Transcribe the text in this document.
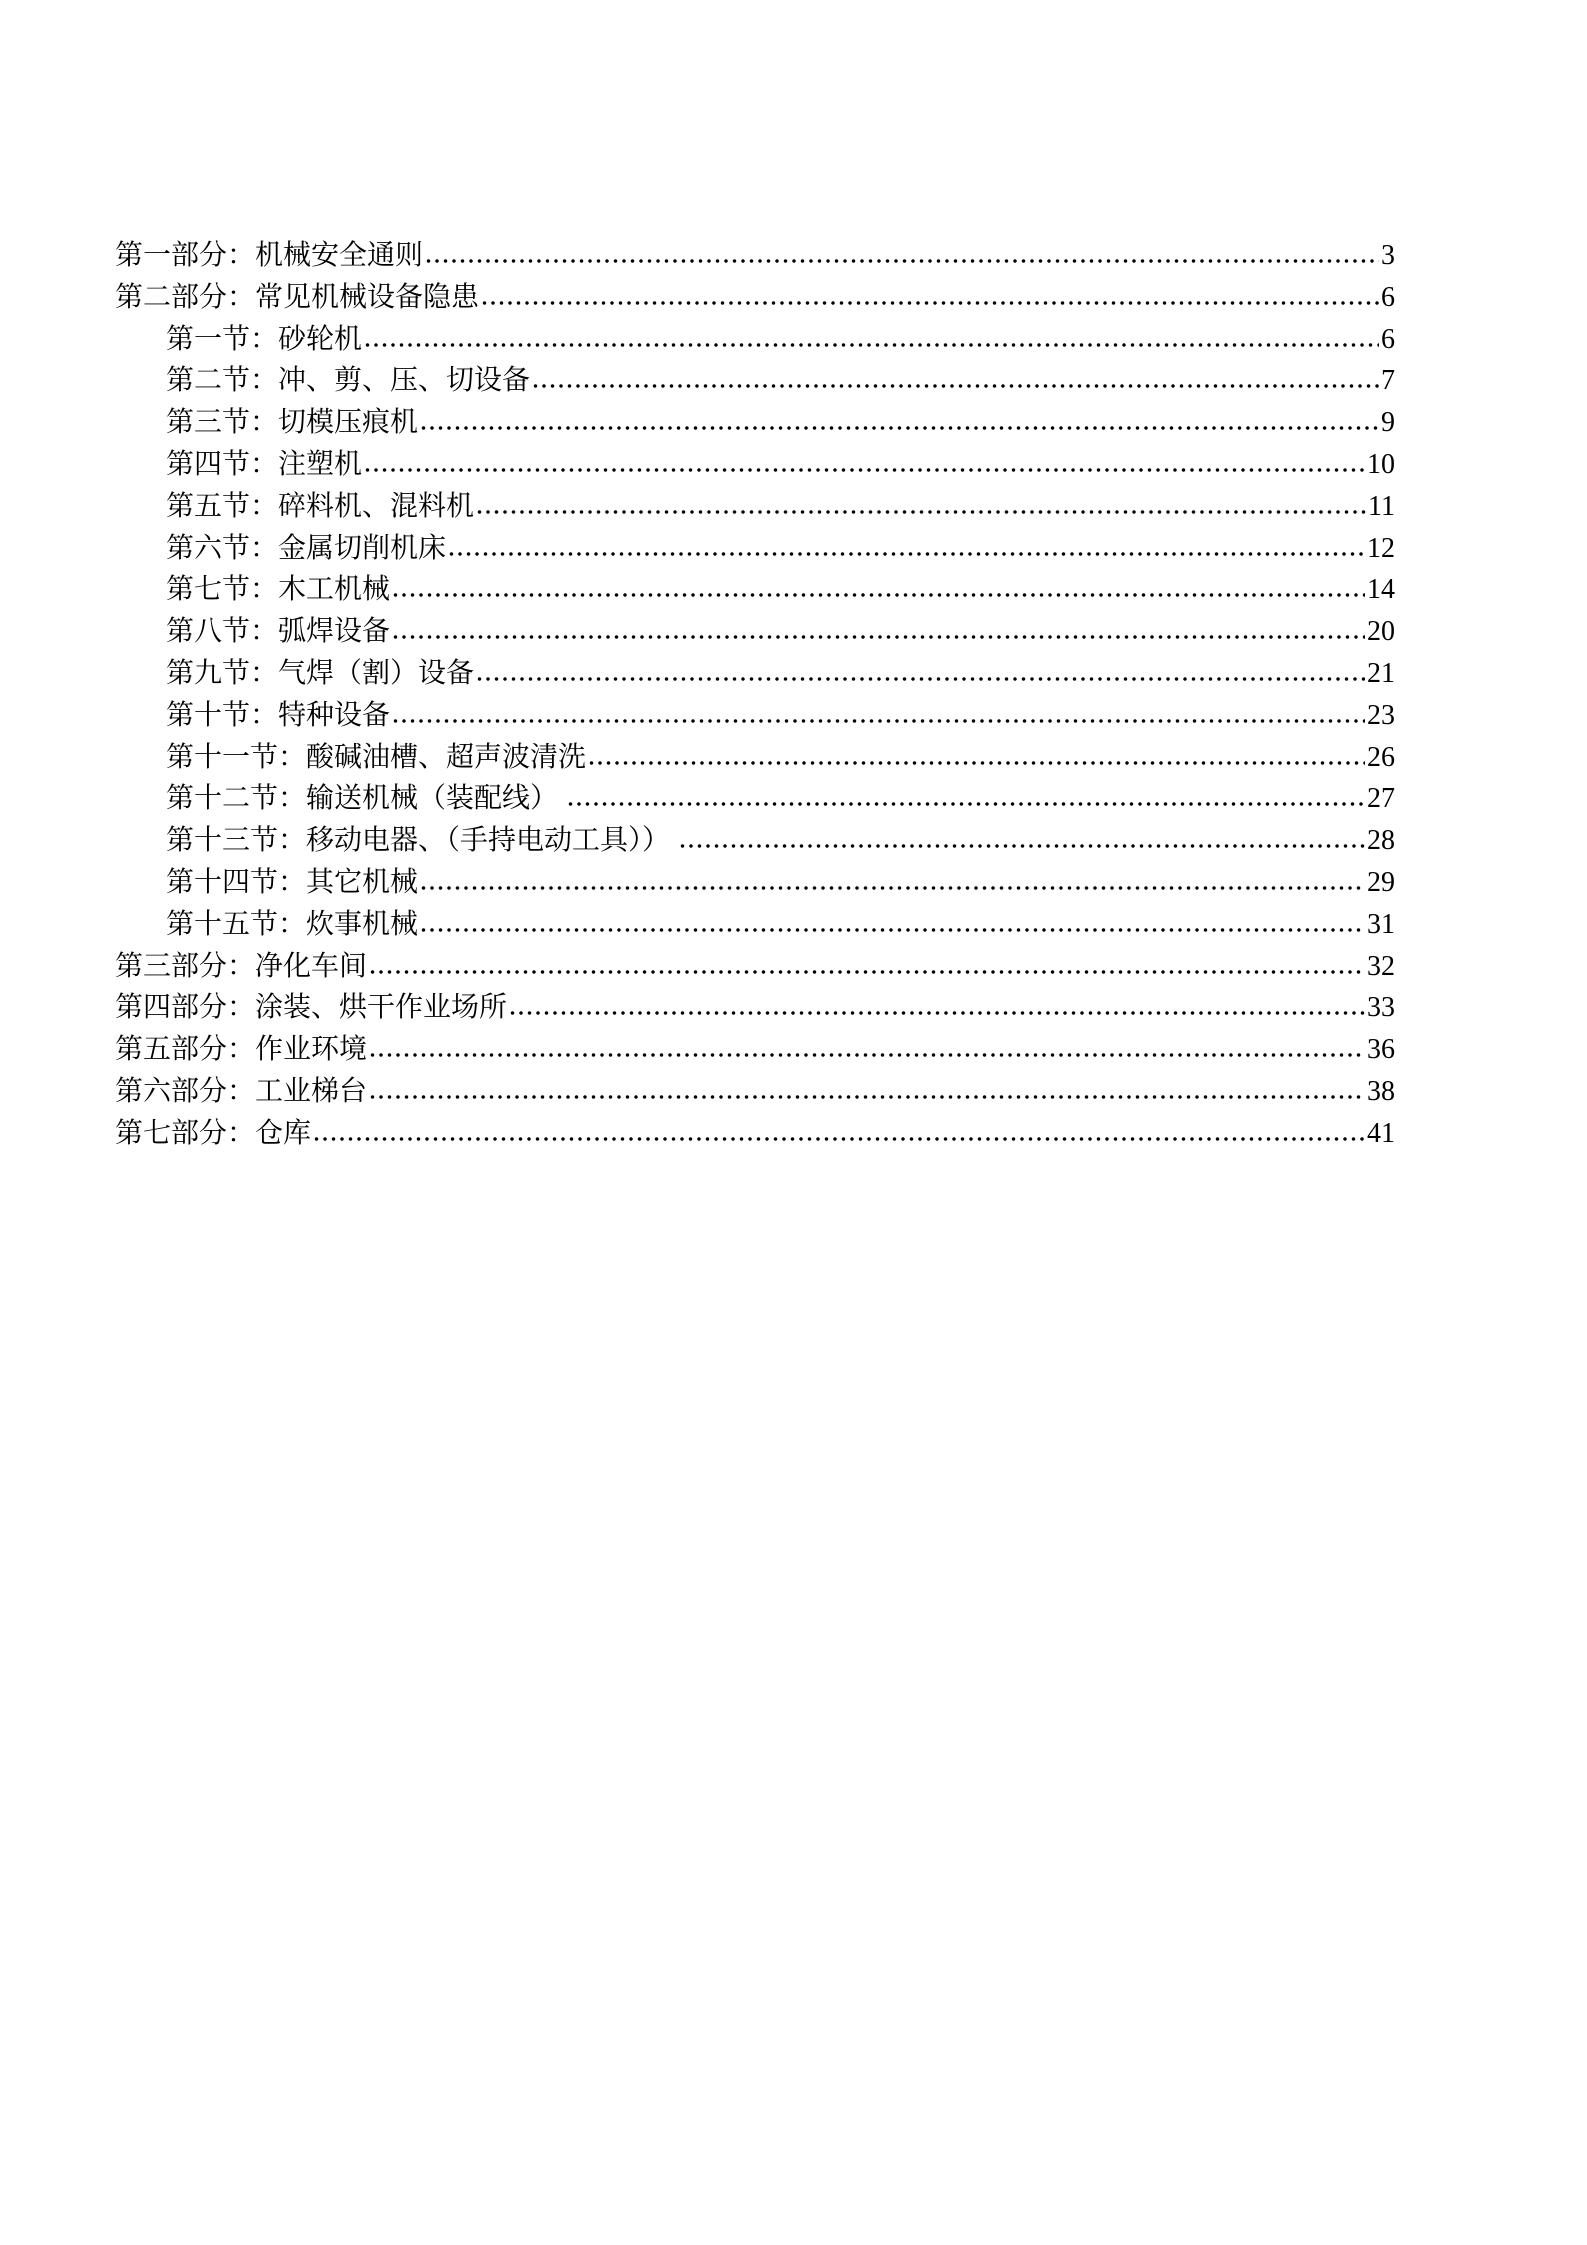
第一部分：机械安全通则	3
第二部分：常见机械设备隐患	6
第一节：砂轮机	6
第二节：冲、剪、压、切设备	7
第三节：切模压痕机	9
第四节：注塑机	10
第五节：碎料机、混料机	11
第六节：金属切削机床	12
第七节：木工机械	14
第八节：弧焊设备	20
第九节：气焊（割）设备	21
第十节：特种设备	23
第十一节：酸碱油槽、超声波清洗	26
第十二节：输送机械（装配线）	27
第十三节：移动电器、（手持电动工具））	28
第十四节：其它机械	29
第十五节：炊事机械	31
第三部分：净化车间	32
第四部分：涂装、烘干作业场所	33
第五部分：作业环境	36
第六部分：工业梯台	38
第七部分：仓库	41
